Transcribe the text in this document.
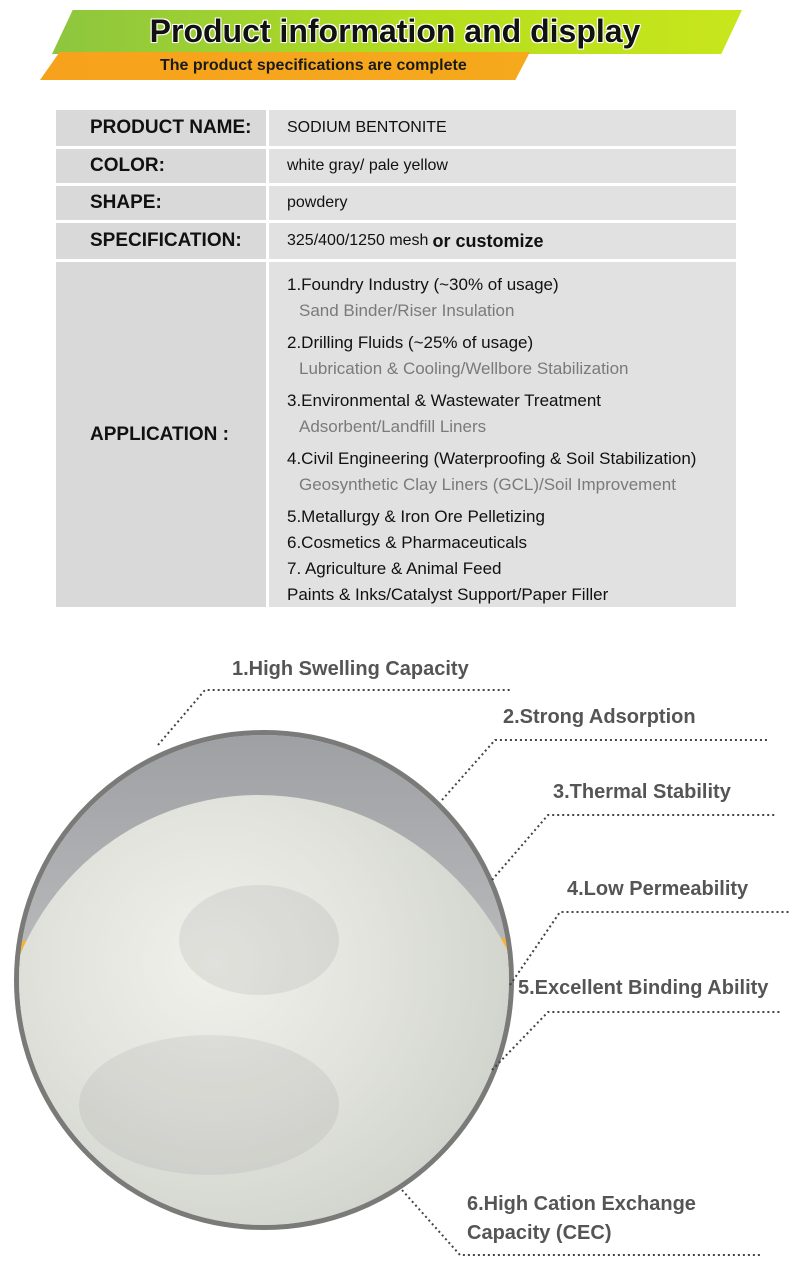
Product information and display
The product specifications are complete
PRODUCT NAME:	SODIUM BENTONITE
COLOR:	white gray/ pale yellow
SHAPE:	powdery
SPECIFICATION:	325/400/1250 mesh or customize
APPLICATION :
1.Foundry Industry (~30% of usage)
Sand Binder/Riser Insulation
2.Drilling Fluids (~25% of usage)
Lubrication & Cooling/Wellbore Stabilization
3.Environmental & Wastewater Treatment
Adsorbent/Landfill Liners
4.Civil Engineering (Waterproofing & Soil Stabilization)
Geosynthetic Clay Liners (GCL)/Soil Improvement
5.Metallurgy & Iron Ore Pelletizing
6.Cosmetics & Pharmaceuticals
7. Agriculture & Animal Feed
Paints & Inks/Catalyst Support/Paper Filler
1.High Swelling Capacity
2.Strong Adsorption
3.Thermal Stability
4.Low Permeability
5.Excellent Binding Ability
6.High Cation Exchange
Capacity (CEC)
